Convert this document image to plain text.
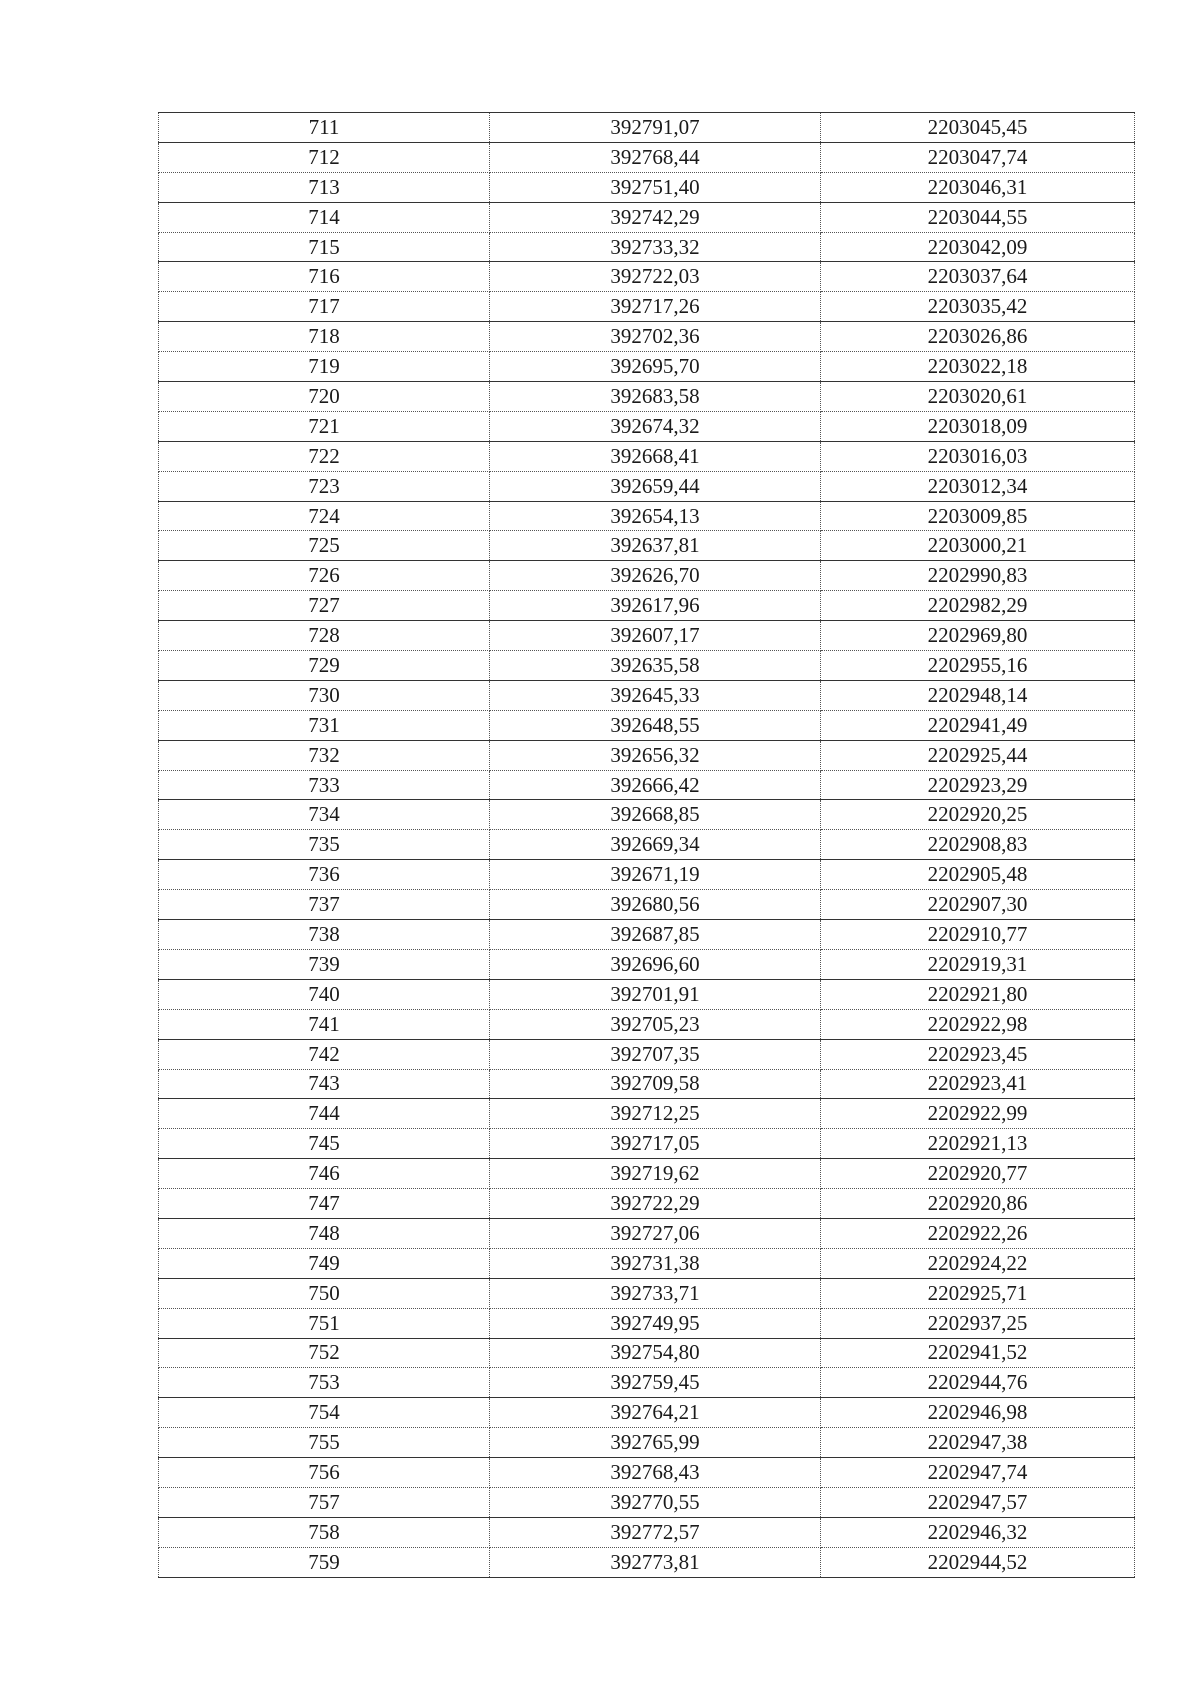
711	392791,07	2203045,45
712	392768,44	2203047,74
713	392751,40	2203046,31
714	392742,29	2203044,55
715	392733,32	2203042,09
716	392722,03	2203037,64
717	392717,26	2203035,42
718	392702,36	2203026,86
719	392695,70	2203022,18
720	392683,58	2203020,61
721	392674,32	2203018,09
722	392668,41	2203016,03
723	392659,44	2203012,34
724	392654,13	2203009,85
725	392637,81	2203000,21
726	392626,70	2202990,83
727	392617,96	2202982,29
728	392607,17	2202969,80
729	392635,58	2202955,16
730	392645,33	2202948,14
731	392648,55	2202941,49
732	392656,32	2202925,44
733	392666,42	2202923,29
734	392668,85	2202920,25
735	392669,34	2202908,83
736	392671,19	2202905,48
737	392680,56	2202907,30
738	392687,85	2202910,77
739	392696,60	2202919,31
740	392701,91	2202921,80
741	392705,23	2202922,98
742	392707,35	2202923,45
743	392709,58	2202923,41
744	392712,25	2202922,99
745	392717,05	2202921,13
746	392719,62	2202920,77
747	392722,29	2202920,86
748	392727,06	2202922,26
749	392731,38	2202924,22
750	392733,71	2202925,71
751	392749,95	2202937,25
752	392754,80	2202941,52
753	392759,45	2202944,76
754	392764,21	2202946,98
755	392765,99	2202947,38
756	392768,43	2202947,74
757	392770,55	2202947,57
758	392772,57	2202946,32
759	392773,81	2202944,52
